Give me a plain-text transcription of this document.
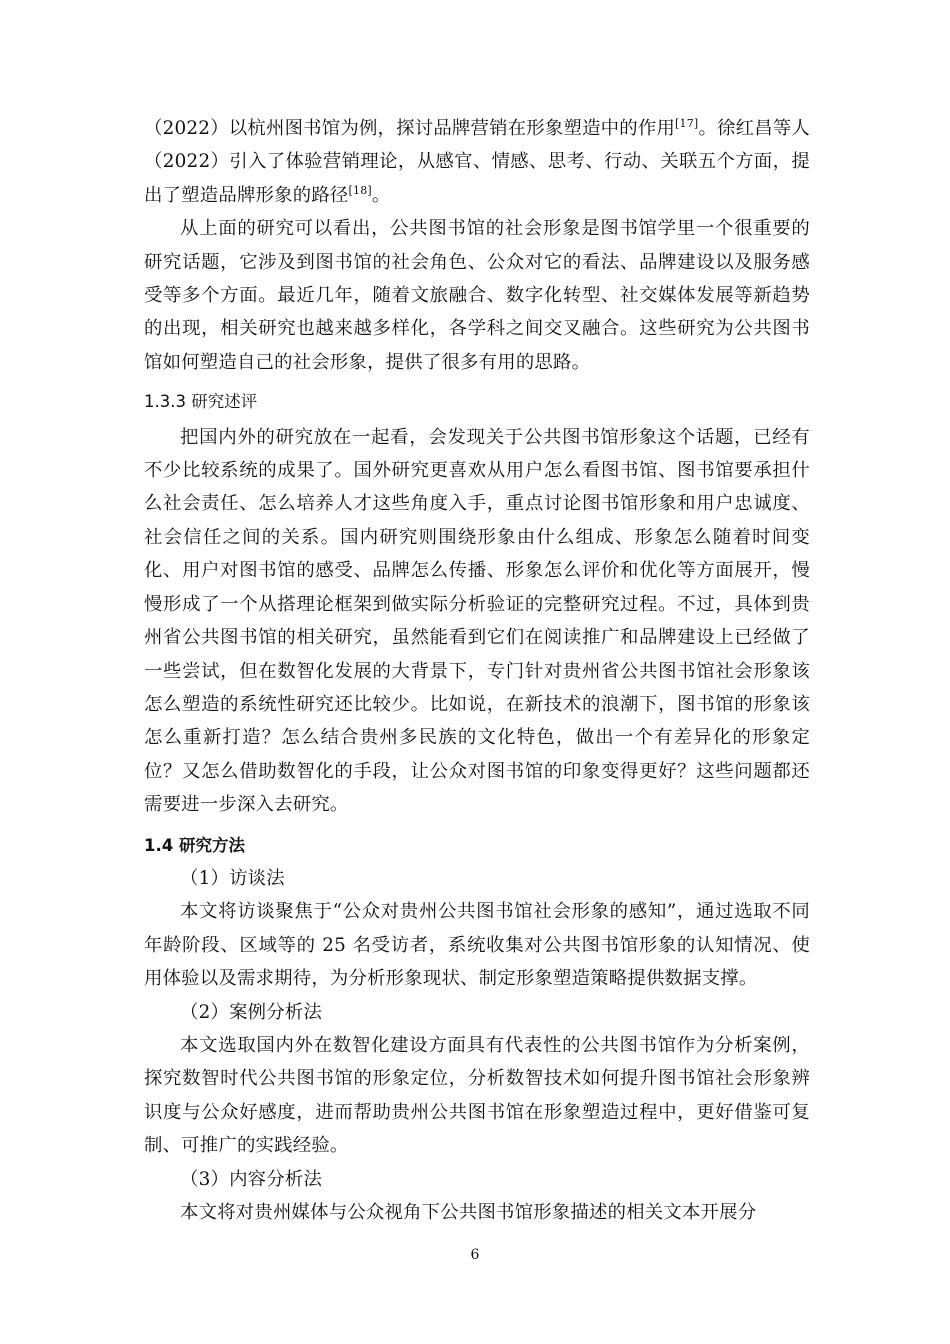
（2022）以杭州图书馆为例，探讨品牌营销在形象塑造中的作用[17]。徐红昌等人（2022）引入了体验营销理论，从感官、情感、思考、行动、关联五个方面，提出了塑造品牌形象的路径[18]。

从上面的研究可以看出，公共图书馆的社会形象是图书馆学里一个很重要的研究话题，它涉及到图书馆的社会角色、公众对它的看法、品牌建设以及服务感受等多个方面。最近几年，随着文旅融合、数字化转型、社交媒体发展等新趋势的出现，相关研究也越来越多样化，各学科之间交叉融合。这些研究为公共图书馆如何塑造自己的社会形象，提供了很多有用的思路。

1.3.3 研究述评

把国内外的研究放在一起看，会发现关于公共图书馆形象这个话题，已经有不少比较系统的成果了。国外研究更喜欢从用户怎么看图书馆、图书馆要承担什么社会责任、怎么培养人才这些角度入手，重点讨论图书馆形象和用户忠诚度、社会信任之间的关系。国内研究则围绕形象由什么组成、形象怎么随着时间变化、用户对图书馆的感受、品牌怎么传播、形象怎么评价和优化等方面展开，慢慢形成了一个从搭理论框架到做实际分析验证的完整研究过程。不过，具体到贵州省公共图书馆的相关研究，虽然能看到它们在阅读推广和品牌建设上已经做了一些尝试，但在数智化发展的大背景下，专门针对贵州省公共图书馆社会形象该怎么塑造的系统性研究还比较少。比如说，在新技术的浪潮下，图书馆的形象该怎么重新打造？怎么结合贵州多民族的文化特色，做出一个有差异化的形象定位？又怎么借助数智化的手段，让公众对图书馆的印象变得更好？这些问题都还需要进一步深入去研究。

1.4 研究方法

（1）访谈法

本文将访谈聚焦于“公众对贵州公共图书馆社会形象的感知”，通过选取不同年龄阶段、区域等的 25 名受访者，系统收集对公共图书馆形象的认知情况、使用体验以及需求期待，为分析形象现状、制定形象塑造策略提供数据支撑。

（2）案例分析法

本文选取国内外在数智化建设方面具有代表性的公共图书馆作为分析案例，探究数智时代公共图书馆的形象定位，分析数智技术如何提升图书馆社会形象辨识度与公众好感度，进而帮助贵州公共图书馆在形象塑造过程中，更好借鉴可复制、可推广的实践经验。

（3）内容分析法

本文将对贵州媒体与公众视角下公共图书馆形象描述的相关文本开展分

6
